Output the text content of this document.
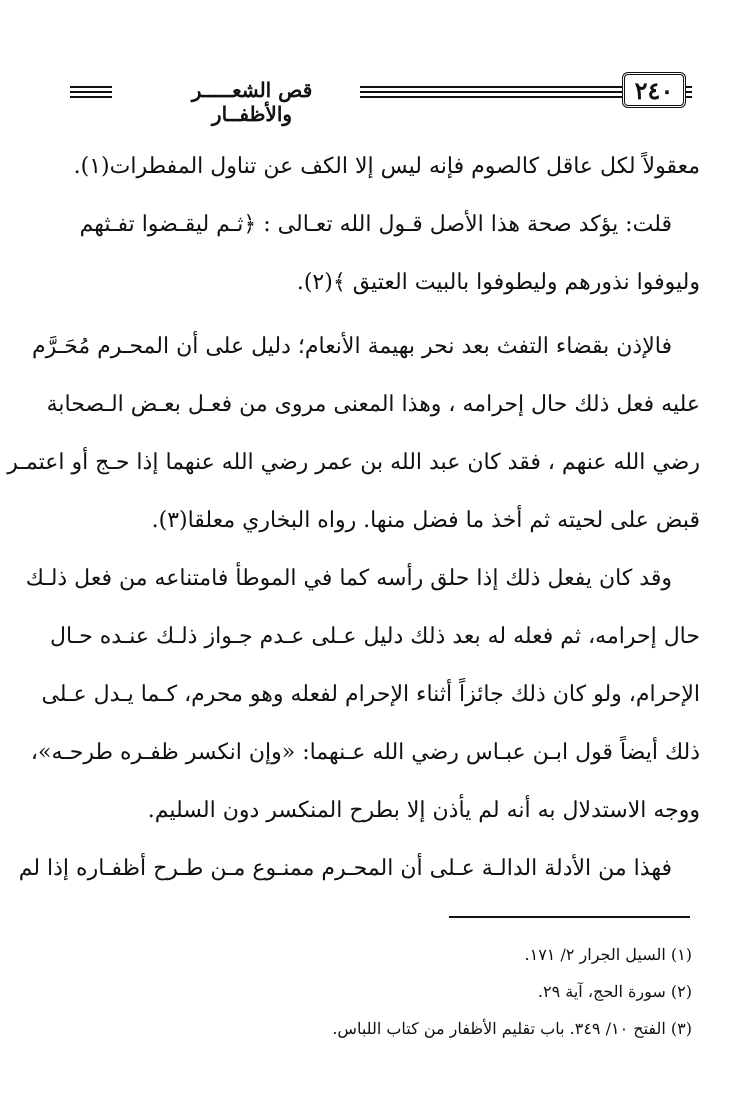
قص الشعـــــر والأظفــار
٢٤٠
معقولاً لكل عاقل كالصوم فإنه ليس إلا الكف عن تناول المفطرات(١).
قلت: يؤكد صحة هذا الأصل قـول الله تعـالى : ﴿ثـم ليقـضوا تفـثهم
وليوفوا نذورهم وليطوفوا بالبيت العتيق ﴾(٢).
فالإذن بقضاء التفث بعد نحر بهيمة الأنعام؛ دليل على أن المحـرم مُحَـرَّم
عليه فعل ذلك حال إحرامه ، وهذا المعنى مروى من فعـل بعـض الـصحابة
رضي الله عنهم ، فقد كان عبد الله بن عمر رضي الله عنهما إذا حـج أو اعتمـر
قبض على لحيته ثم أخذ ما فضل منها. رواه البخاري معلقا(٣).
وقد كان يفعل ذلك إذا حلق رأسه كما في الموطأ فامتناعه من فعل ذلـك
حال إحرامه، ثم فعله له بعد ذلك دليل عـلى عـدم جـواز ذلـك عنـده حـال
الإحرام، ولو كان ذلك جائزاً أثناء الإحرام لفعله وهو محرم، كـما يـدل عـلى
ذلك أيضاً قول ابـن عبـاس رضي الله عـنهما: «وإن انكسر ظفـره طرحـه»،
ووجه الاستدلال به أنه لم يأذن إلا بطرح المنكسر دون السليم.
فهذا من الأدلة الدالـة عـلى أن المحـرم ممنـوع مـن طـرح أظفـاره إذا لم
(١) السيل الجرار ٢/ ١٧١.
(٢) سورة الحج، آية ٢٩.
(٣) الفتح ١٠/ ٣٤٩. باب تقليم الأظفار من كتاب اللباس.
